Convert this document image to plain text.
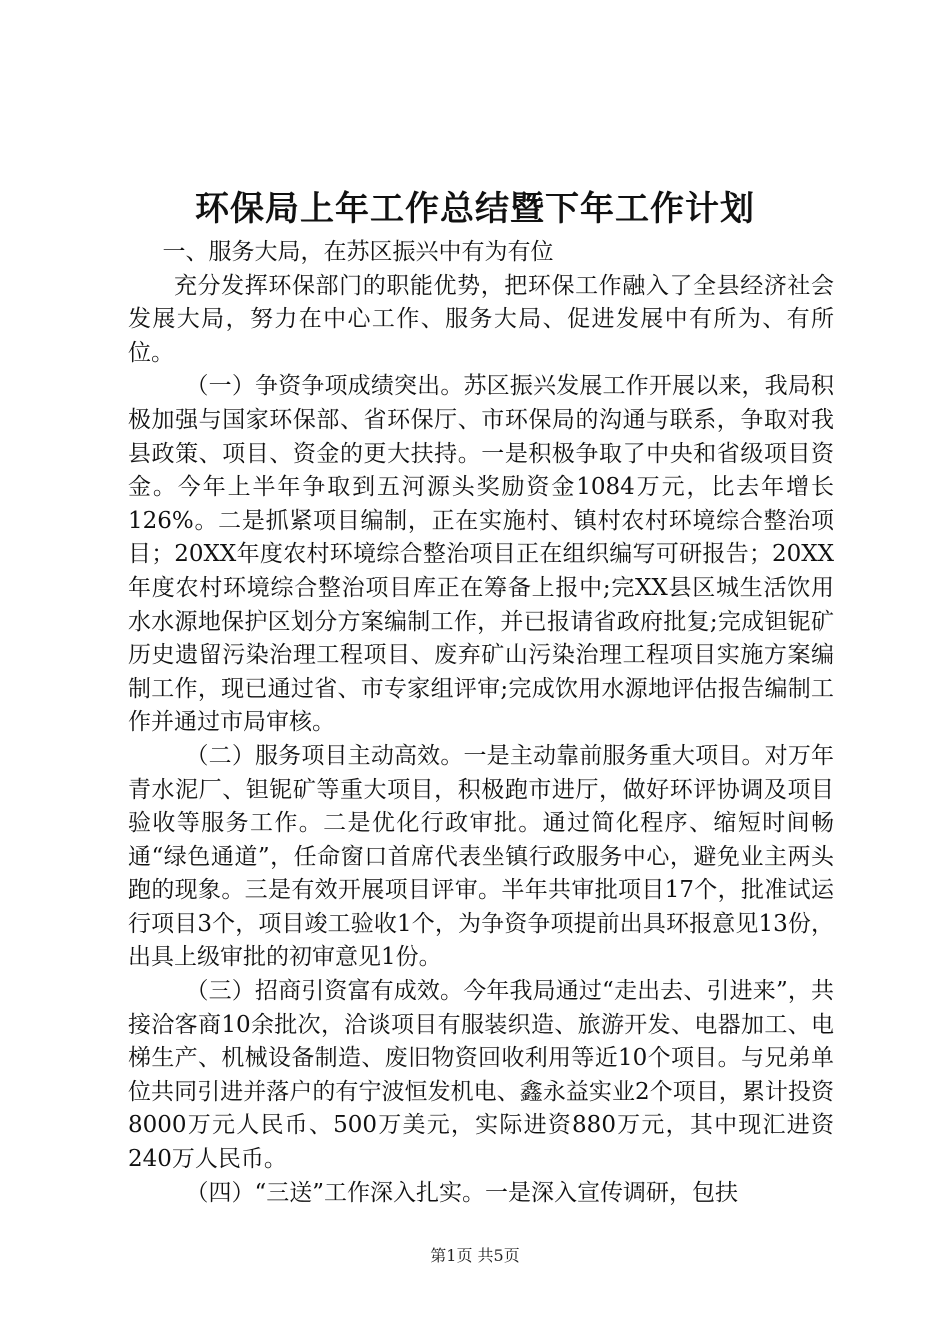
环保局上年工作总结暨下年工作计划

一、服务大局，在苏区振兴中有为有位

充分发挥环保部门的职能优势，把环保工作融入了全县经济社会发展大局，努力在中心工作、服务大局、促进发展中有所为、有所位。

（一）争资争项成绩突出。苏区振兴发展工作开展以来，我局积极加强与国家环保部、省环保厅、市环保局的沟通与联系，争取对我县政策、项目、资金的更大扶持。一是积极争取了中央和省级项目资金。今年上半年争取到五河源头奖励资金1084万元，比去年增长126%。二是抓紧项目编制，正在实施村、镇村农村环境综合整治项目；20XX年度农村环境综合整治项目正在组织编写可研报告；20XX年度农村环境综合整治项目库正在筹备上报中;完XX县区城生活饮用水水源地保护区划分方案编制工作，并已报请省政府批复;完成钽铌矿历史遗留污染治理工程项目、废弃矿山污染治理工程项目实施方案编制工作，现已通过省、市专家组评审;完成饮用水源地评估报告编制工作并通过市局审核。

（二）服务项目主动高效。一是主动靠前服务重大项目。对万年青水泥厂、钽铌矿等重大项目，积极跑市进厅，做好环评协调及项目验收等服务工作。二是优化行政审批。通过简化程序、缩短时间畅通“绿色通道”，任命窗口首席代表坐镇行政服务中心，避免业主两头跑的现象。三是有效开展项目评审。半年共审批项目17个，批准试运行项目3个，项目竣工验收1个，为争资争项提前出具环报意见13份，出具上级审批的初审意见1份。

（三）招商引资富有成效。今年我局通过“走出去、引进来”，共接洽客商10余批次，洽谈项目有服装织造、旅游开发、电器加工、电梯生产、机械设备制造、废旧物资回收利用等近10个项目。与兄弟单位共同引进并落户的有宁波恒发机电、鑫永益实业2个项目，累计投资8000万元人民币、500万美元，实际进资880万元，其中现汇进资240万人民币。

（四）“三送”工作深入扎实。一是深入宣传调研，包扶

第1页 共5页
